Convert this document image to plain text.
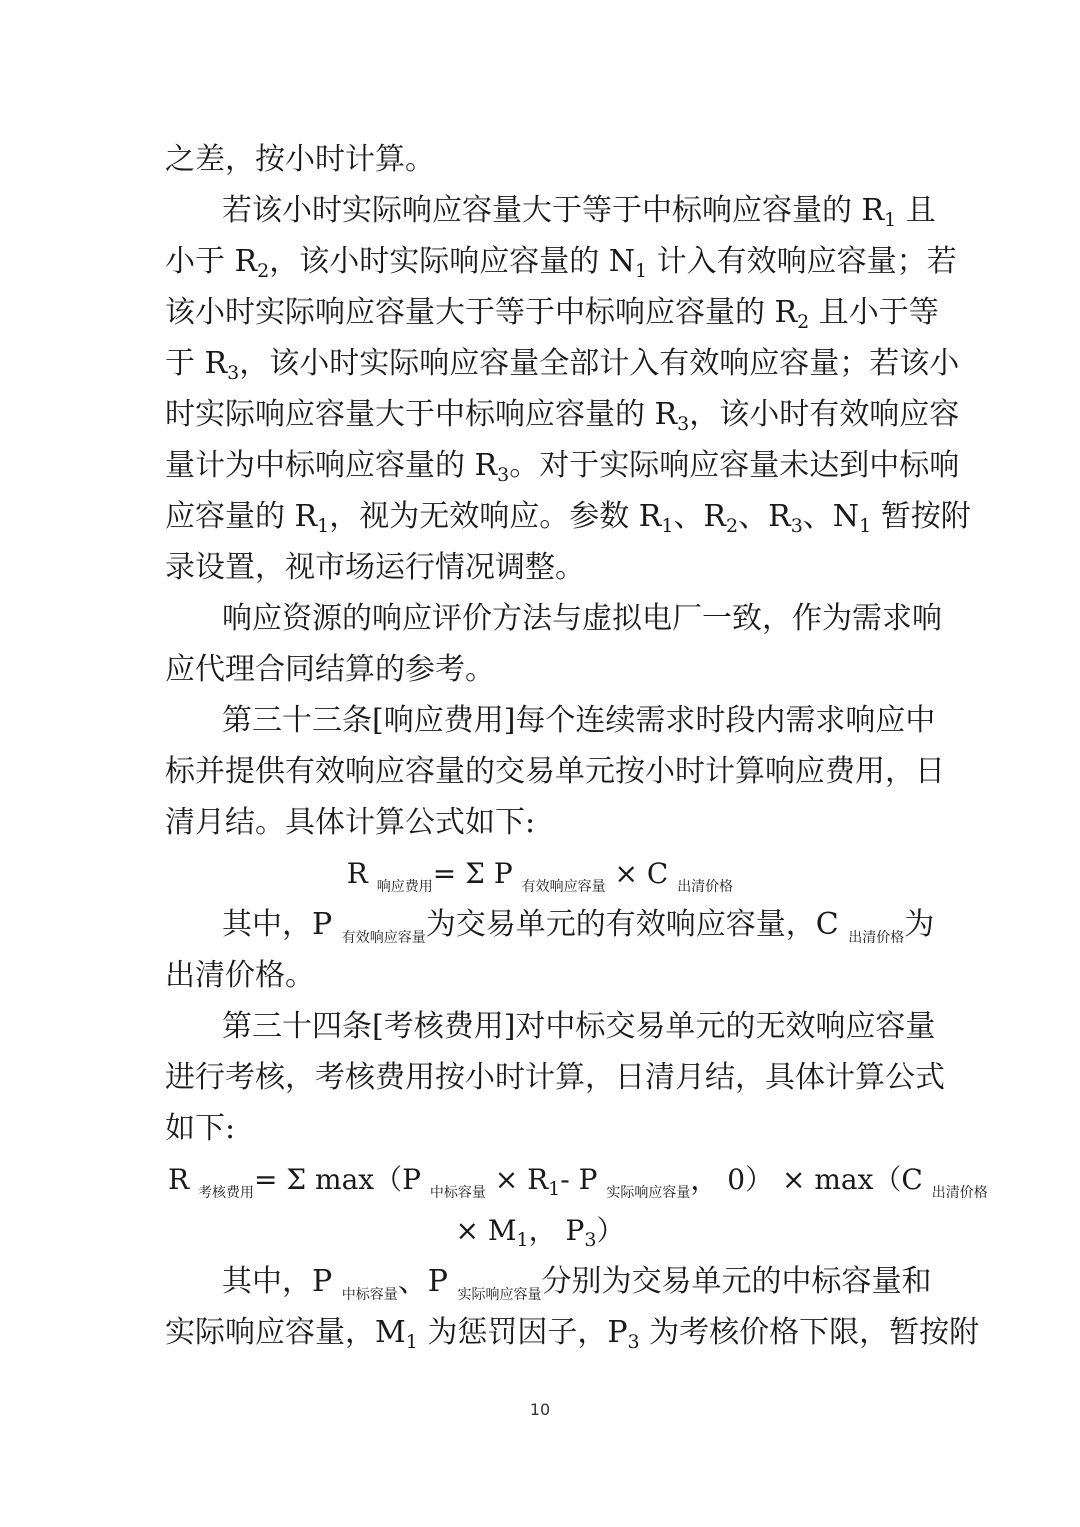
之差，按小时计算。
若该小时实际响应容量大于等于中标响应容量的 $R_1$ 且
小于 $R_2$，该小时实际响应容量的 $N_1$ 计入有效响应容量；若
该小时实际响应容量大于等于中标响应容量的 $R_2$ 且小于等
于 $R_3$，该小时实际响应容量全部计入有效响应容量；若该小
时实际响应容量大于中标响应容量的 $R_3$，该小时有效响应容
量计为中标响应容量的 $R_3$。对于实际响应容量未达到中标响
应容量的 $R_1$，视为无效响应。参数 $R_1$、$R_2$、$R_3$、$N_1$ 暂按附
录设置，视市场运行情况调整。
响应资源的响应评价方法与虚拟电厂一致，作为需求响
应代理合同结算的参考。
第三十三条[响应费用]每个连续需求时段内需求响应中
标并提供有效响应容量的交易单元按小时计算响应费用，日
清月结。具体计算公式如下:
R $_{响应费用}$= Σ P $_{有效响应容量}$ × C $_{出清价格}$
其中，P $_{有效响应容量}$为交易单元的有效响应容量，C $_{出清价格}$为
出清价格。
第三十四条[考核费用]对中标交易单元的无效响应容量
进行考核，考核费用按小时计算，日清月结，具体计算公式
如下:
R $_{考核费用}$= Σ max（P $_{中标容量} \times R_1-$ P $_{实际响应容量}$， 0） × max（C $_{出清价格}$
× $M_1$， $P_3$）
其中，P $_{中标容量}$、P $_{实际响应容量}$分别为交易单元的中标容量和
实际响应容量，$M_1$ 为惩罚因子，$P_3$ 为考核价格下限，暂按附
10
